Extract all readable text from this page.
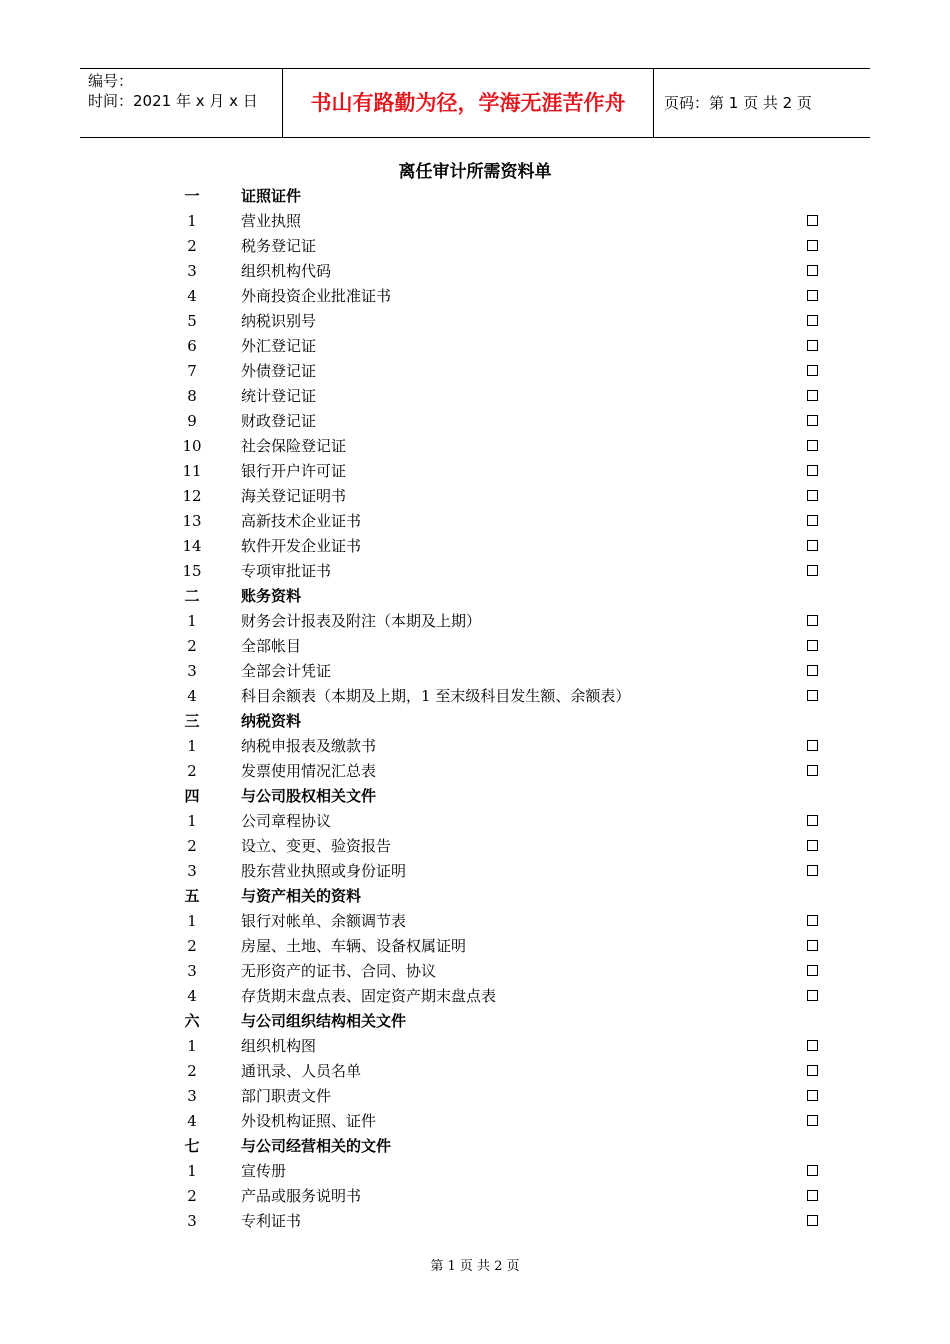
编号：
时间：2021 年 x 月 x 日	书山有路勤为径，学海无涯苦作舟	页码：第 1 页 共 2 页
离任审计所需资料单
一	证照证件
1	营业执照
2	税务登记证
3	组织机构代码
4	外商投资企业批准证书
5	纳税识别号
6	外汇登记证
7	外债登记证
8	统计登记证
9	财政登记证
10	社会保险登记证
11	银行开户许可证
12	海关登记证明书
13	高新技术企业证书
14	软件开发企业证书
15	专项审批证书
二	账务资料
1	财务会计报表及附注（本期及上期）
2	全部帐目
3	全部会计凭证
4	科目余额表（本期及上期，1 至末级科目发生额、余额表）
三	纳税资料
1	纳税申报表及缴款书
2	发票使用情况汇总表
四	与公司股权相关文件
1	公司章程协议
2	设立、变更、验资报告
3	股东营业执照或身份证明
五	与资产相关的资料
1	银行对帐单、余额调节表
2	房屋、土地、车辆、设备权属证明
3	无形资产的证书、合同、协议
4	存货期末盘点表、固定资产期末盘点表
六	与公司组织结构相关文件
1	组织机构图
2	通讯录、人员名单
3	部门职责文件
4	外设机构证照、证件
七	与公司经营相关的文件
1	宣传册
2	产品或服务说明书
3	专利证书
第 1 页 共 2 页
